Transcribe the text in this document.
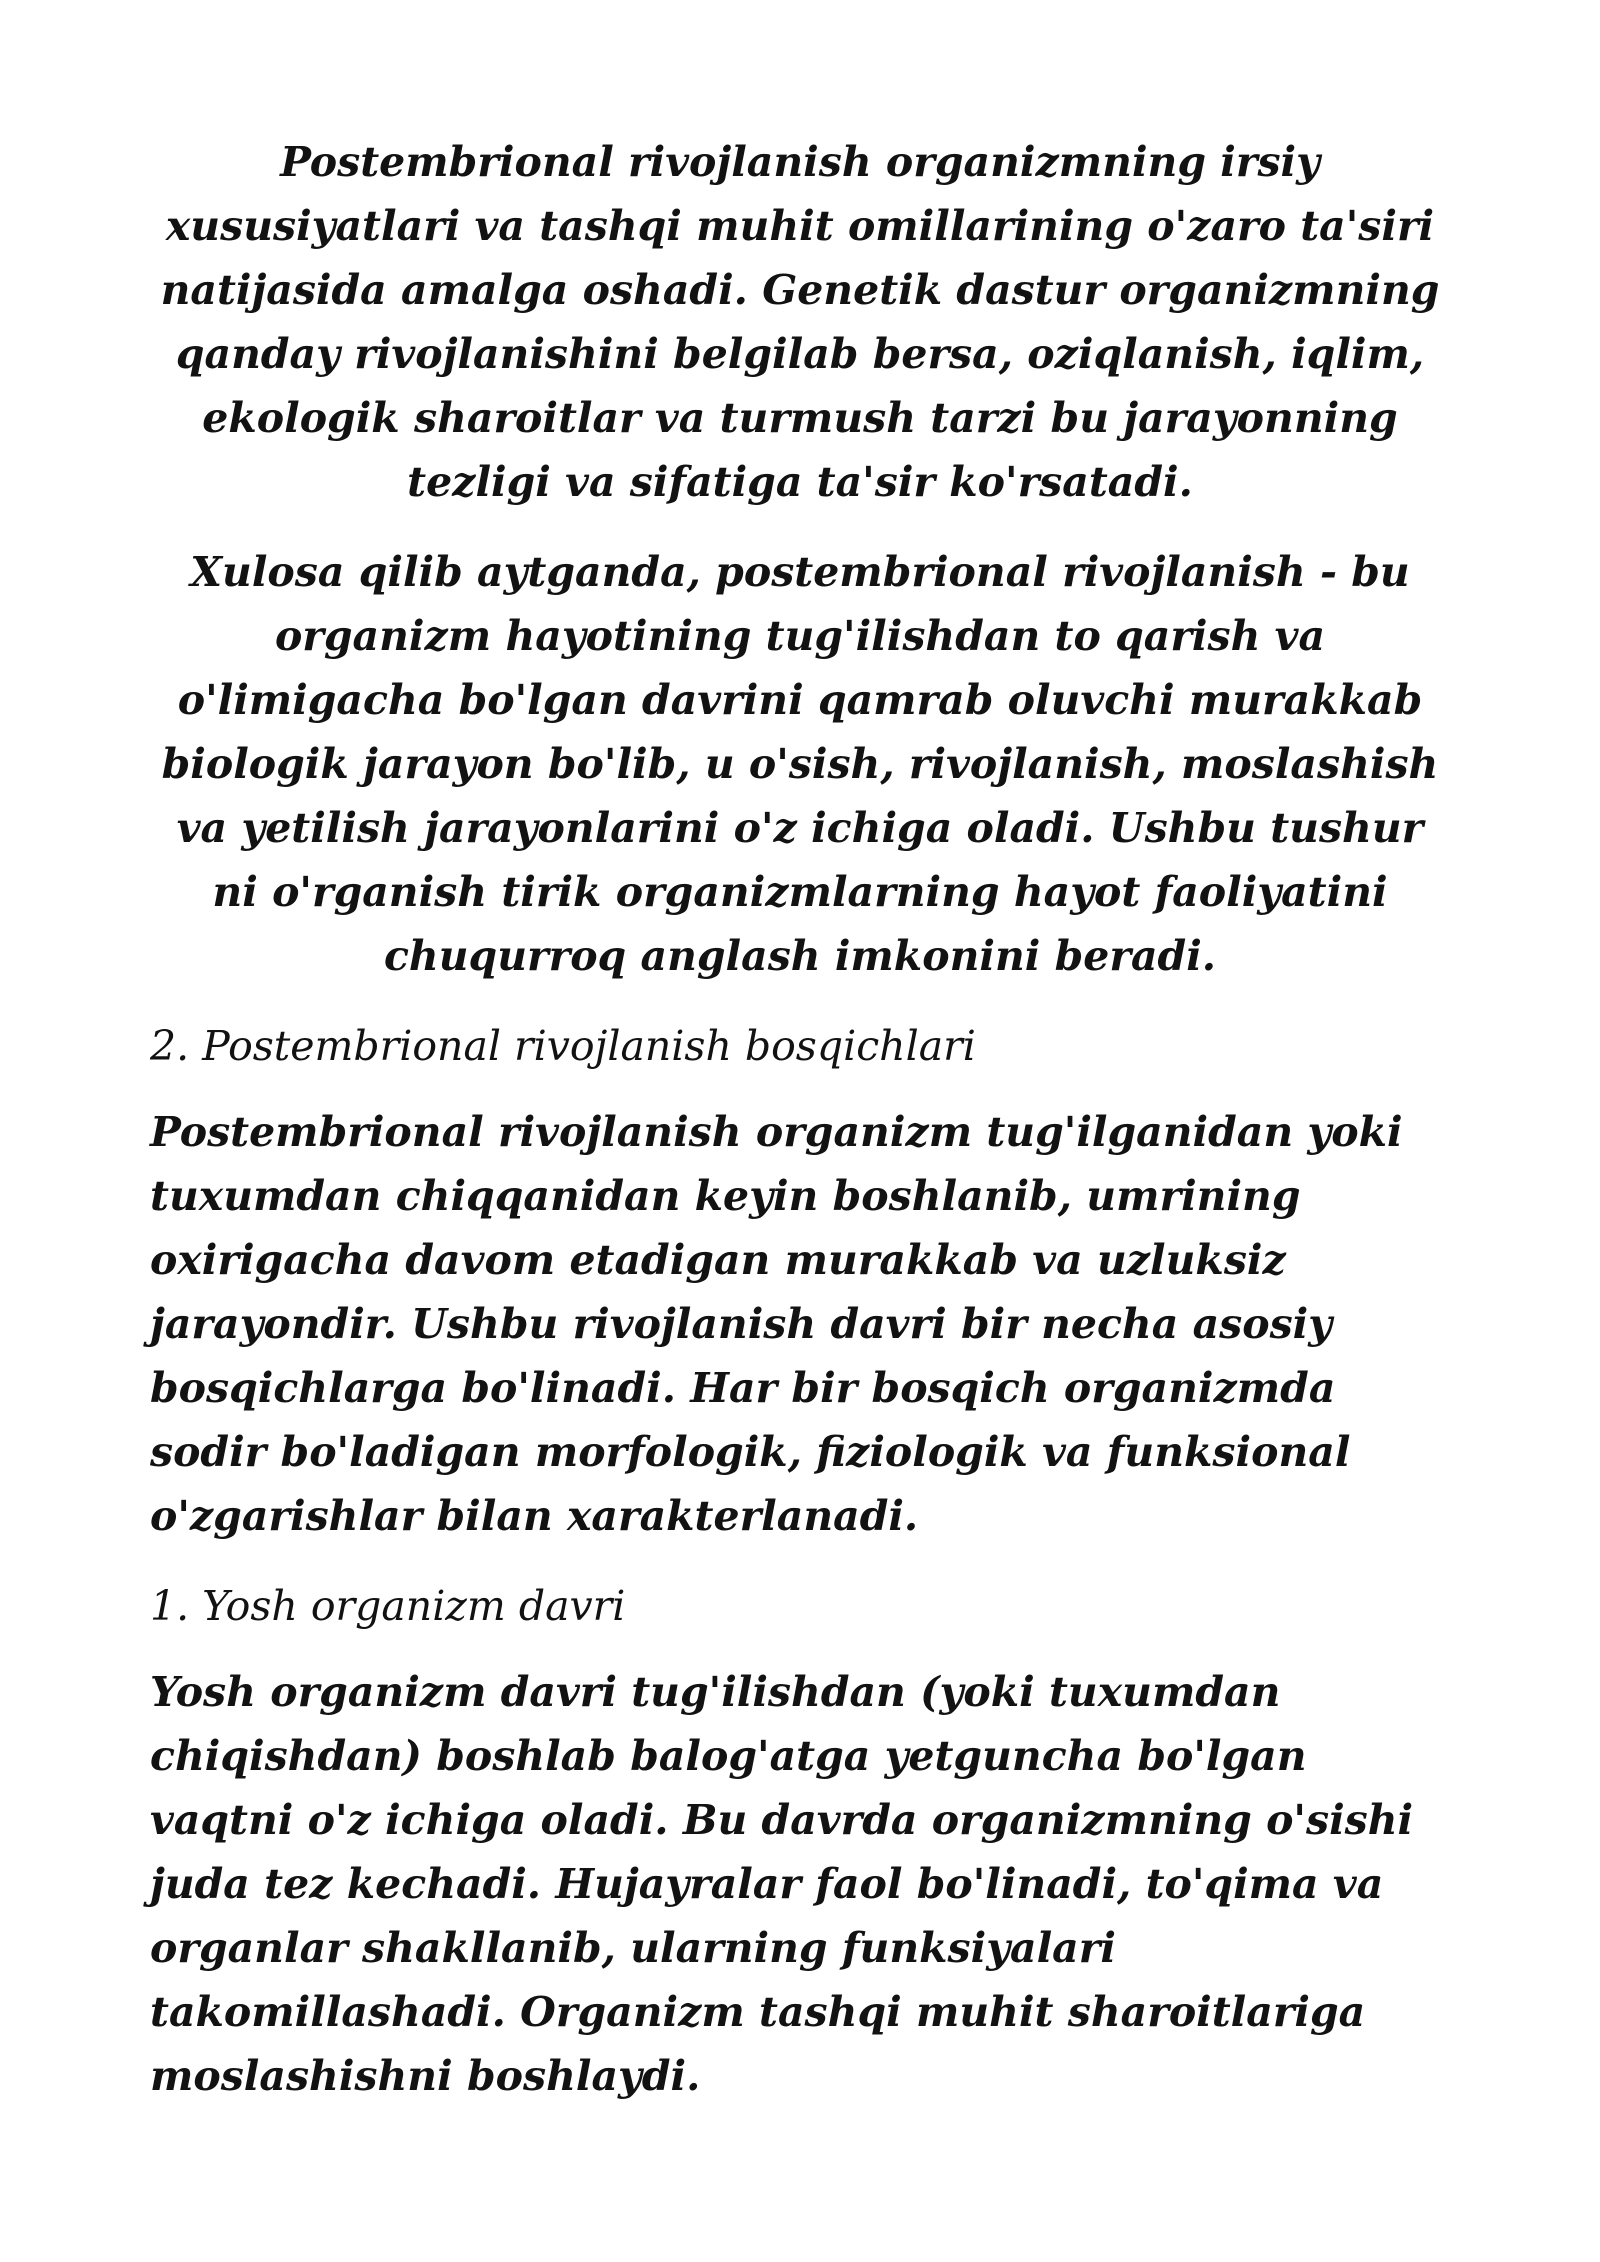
Postembrional rivojlanish organizmning irsiy xususiyatlari va tashqi muhit omillarining o'zaro ta'siri natijasida amalga oshadi. Genetik dastur organizmning qanday rivojlanishini belgilab bersa, oziqlanish, iqlim, ekologik sharoitlar va turmush tarzi bu jarayonning tezligi va sifatiga ta'sir ko'rsatadi.

Xulosa qilib aytganda, postembrional rivojlanish - bu organizm hayotining tug'ilishdan to qarish va o'limigacha bo'lgan davrini qamrab oluvchi murakkab biologik jarayon bo'lib, u o'sish, rivojlanish, moslashish va yetilish jarayonlarini o'z ichiga oladi. Ushbu tushur ni o'rganish tirik organizmlarning hayot faoliyatini chuqurroq anglash imkonini beradi.

2. Postembrional rivojlanish bosqichlari

Postembrional rivojlanish organizm tug'ilganidan yoki tuxumdan chiqqanidan keyin boshlanib, umrining oxirigacha davom etadigan murakkab va uzluksiz jarayondir. Ushbu rivojlanish davri bir necha asosiy bosqichlarga bo'linadi. Har bir bosqich organizmda sodir bo'ladigan morfologik, fiziologik va funksional o'zgarishlar bilan xarakterlanadi.

1. Yosh organizm davri

Yosh organizm davri tug'ilishdan (yoki tuxumdan chiqishdan) boshlab balog'atga yetguncha bo'lgan vaqtni o'z ichiga oladi. Bu davrda organizmning o'sishi juda tez kechadi. Hujayralar faol bo'linadi, to'qima va organlar shakllanib, ularning funksiyalari takomillashadi. Organizm tashqi muhit sharoitlariga moslashishni boshlaydi.
